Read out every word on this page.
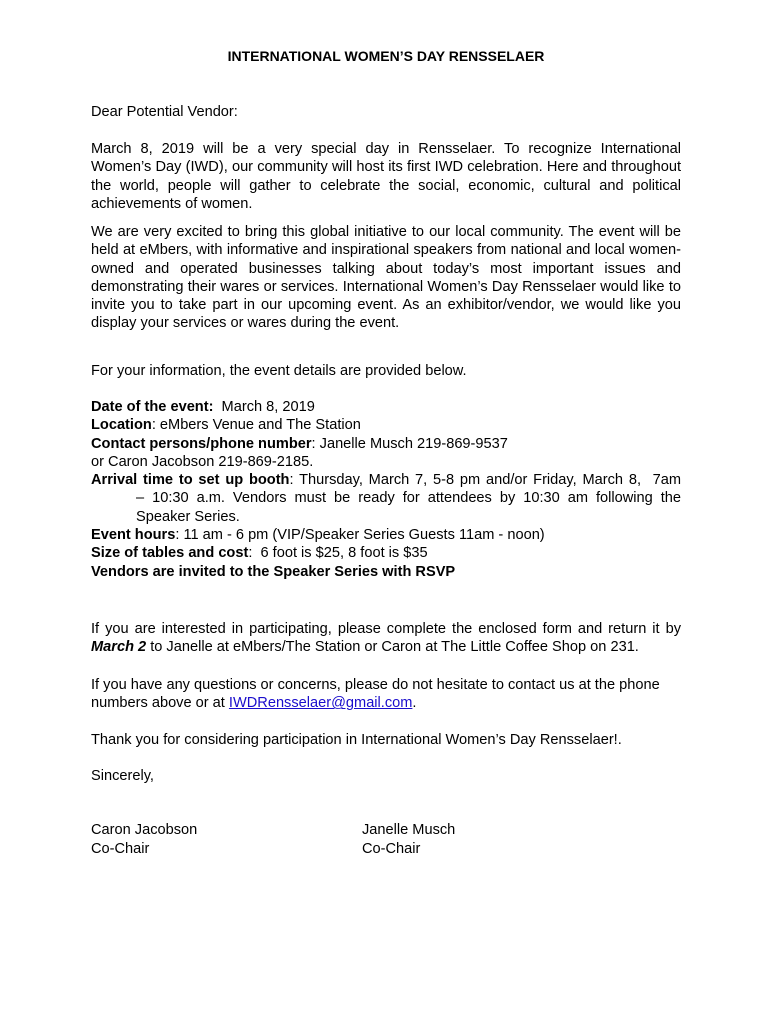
INTERNATIONAL WOMEN’S DAY RENSSELAER
Dear Potential Vendor:
March 8, 2019 will be a very special day in Rensselaer. To recognize International Women’s Day (IWD), our community will host its first IWD celebration. Here and throughout the world, people will gather to celebrate the social, economic, cultural and political achievements of women.
We are very excited to bring this global initiative to our local community. The event will be held at eMbers, with informative and inspirational speakers from national and local women-owned and operated businesses talking about today’s most important issues and demonstrating their wares or services. International Women’s Day Rensselaer would like to invite you to take part in our upcoming event. As an exhibitor/vendor, we would like you display your services or wares during the event.
For your information, the event details are provided below.
Date of the event:  March 8, 2019
Location: eMbers Venue and The Station
Contact persons/phone number: Janelle Musch 219-869-9537
or Caron Jacobson 219-869-2185.
Arrival time to set up booth: Thursday, March 7, 5-8 pm and/or Friday, March 8,  7am
– 10:30 a.m. Vendors must be ready for attendees by 10:30 am following the
Speaker Series.
Event hours: 11 am - 6 pm (VIP/Speaker Series Guests 11am - noon)
Size of tables and cost:  6 foot is $25, 8 foot is $35
Vendors are invited to the Speaker Series with RSVP
If you are interested in participating, please complete the enclosed form and return it by
March 2 to Janelle at eMbers/The Station or Caron at The Little Coffee Shop on 231.
If you have any questions or concerns, please do not hesitate to contact us at the phone numbers above or at IWDRensselaer@gmail.com.
Thank you for considering participation in International Women’s Day Rensselaer!.
Sincerely,
Caron Jacobson
Co-Chair
Janelle Musch
Co-Chair
